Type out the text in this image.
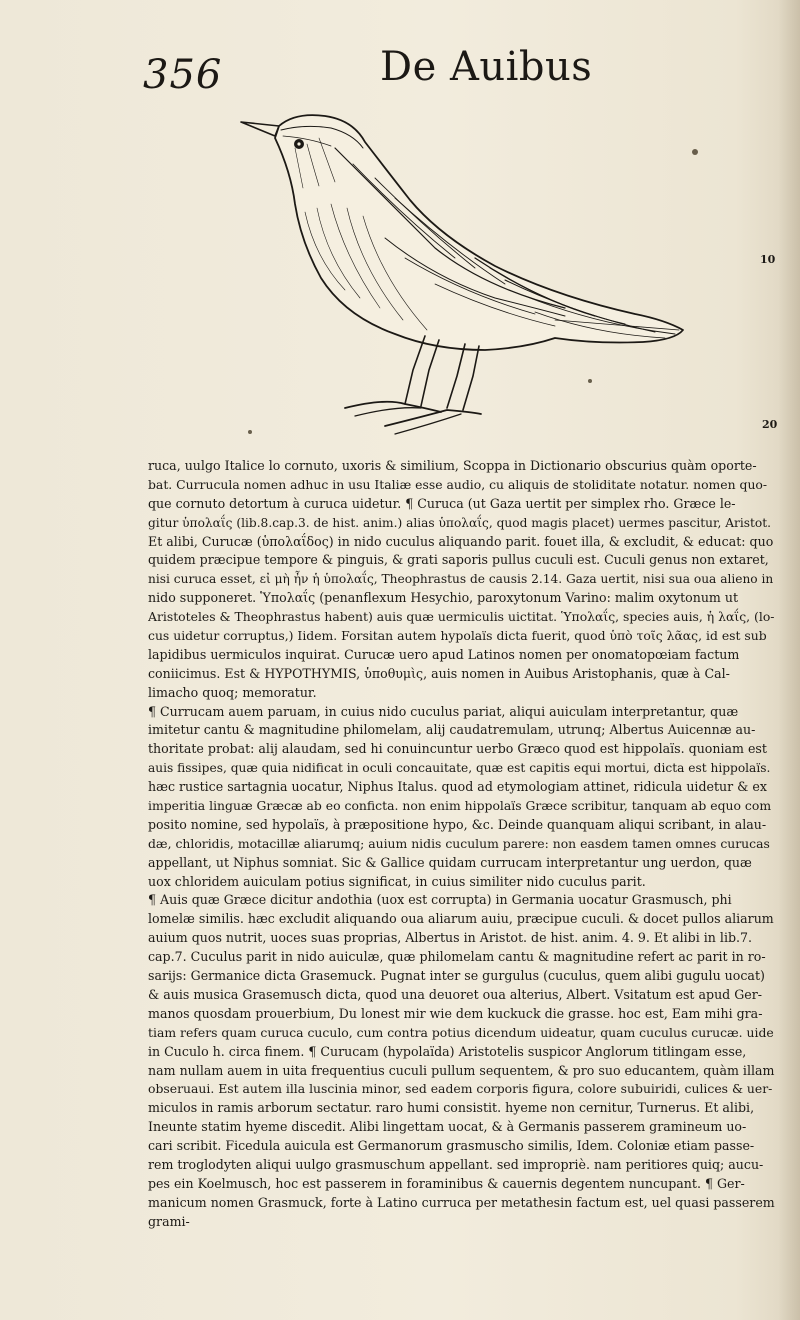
356	De Auibus
10
20
ruca, uulgo Italice lo cornuto, uxoris & similium, Scoppa in Dictionario obscurius quàm oporte-
bat. Currucula nomen adhuc in usu Italiæ esse audio, cu aliquis de stoliditate notatur. nomen quo-
que cornuto detortum à curuca uidetur. ¶ Curuca (ut Gaza uertit per simplex rho. Græce le-
gitur ὑπολαΐς (lib.8.cap.3. de hist. anim.) alias ὑπολαΐς, quod magis placet) uermes pascitur, Aristot.
Et alibi, Curucæ (ὑπολαΐδος) in nido cuculus aliquando parit. fouet illa, & excludit, & educat: quo
quidem præcipue tempore & pinguis, & grati saporis pullus cuculi est. Cuculi genus non extaret,
nisi curuca esset, εἰ μὴ ἦν ἡ ὑπολαΐς, Theophrastus de causis 2.14. Gaza uertit, nisi sua oua alieno in
nido supponeret. Ὑπολαΐς (penanflexum Hesychio, paroxytonum Varino: malim oxytonum ut
Aristoteles & Theophrastus habent) auis quæ uermiculis uictitat. Ὑπολαΐς, species auis, ἡ λαΐς, (lo-
cus uidetur corruptus,) Iidem. Forsitan autem hypolaïs dicta fuerit, quod ὑπὸ τοῖς λᾶας, id est sub
lapidibus uermiculos inquirat. Curucæ uero apud Latinos nomen per onomatopœiam factum
coniicimus. Est & HYPOTHYMIS, ὑποθυμὶς, auis nomen in Auibus Aristophanis, quæ à Cal-
limacho quoq; memoratur.
¶ Currucam auem paruam, in cuius nido cuculus pariat, aliqui auiculam interpretantur, quæ
imitetur cantu & magnitudine philomelam, alij caudatremulam, utrunq; Albertus Auicennæ au-
thoritate probat: alij alaudam, sed hi conuincuntur uerbo Græco quod est hippolaïs. quoniam est
auis fissipes, quæ quia nidificat in oculi concauitate, quæ est capitis equi mortui, dicta est hippolaïs.
hæc rustice sartagnia uocatur, Niphus Italus. quod ad etymologiam attinet, ridicula uidetur & ex
imperitia linguæ Græcæ ab eo conficta. non enim hippolaïs Græce scribitur, tanquam ab equo com
posito nomine, sed hypolaïs, à præpositione hypo, &c. Deinde quanquam aliqui scribant, in alau-
dæ, chloridis, motacillæ aliarumq; auium nidis cuculum parere: non easdem tamen omnes curucas
appellant, ut Niphus somniat. Sic & Gallice quidam currucam interpretantur ung uerdon, quæ
uox chloridem auiculam potius significat, in cuius similiter nido cuculus parit.
¶ Auis quæ Græce dicitur andothia (uox est corrupta) in Germania uocatur Grasmusch, phi
lomelæ similis. hæc excludit aliquando oua aliarum auiu, præcipue cuculi. & docet pullos aliarum
auium quos nutrit, uoces suas proprias, Albertus in Aristot. de hist. anim. 4. 9. Et alibi in lib.7.
cap.7. Cuculus parit in nido auiculæ, quæ philomelam cantu & magnitudine refert ac parit in ro-
sarijs: Germanice dicta Grasemuck. Pugnat inter se gurgulus (cuculus, quem alibi gugulu uocat)
& auis musica Grasemusch dicta, quod una deuoret oua alterius, Albert. Vsitatum est apud Ger-
manos quosdam prouerbium, Du lonest mir wie dem kuckuck die grasse. hoc est, Eam mihi gra-
tiam refers quam curuca cuculo, cum contra potius dicendum uideatur, quam cuculus curucæ. uide
in Cuculo h. circa finem. ¶ Curucam (hypolaïda) Aristotelis suspicor Anglorum titlingam esse,
nam nullam auem in uita frequentius cuculi pullum sequentem, & pro suo educantem, quàm illam
obseruaui. Est autem illa luscinia minor, sed eadem corporis figura, colore subuiridi, culices & uer-
miculos in ramis arborum sectatur. raro humi consistit. hyeme non cernitur, Turnerus. Et alibi,
Ineunte statim hyeme discedit. Alibi lingettam uocat, & à Germanis passerem gramineum uo-
cari scribit. Ficedula auicula est Germanorum grasmuscho similis, Idem. Coloniæ etiam passe-
rem troglodyten aliqui uulgo grasmuschum appellant. sed impropriè. nam peritiores quiq; aucu-
pes ein Koelmusch, hoc est passerem in foraminibus & cauernis degentem nuncupant. ¶ Ger-
manicum nomen Grasmuck, forte à Latino curruca per metathesin factum est, uel quasi passerem
grami-
